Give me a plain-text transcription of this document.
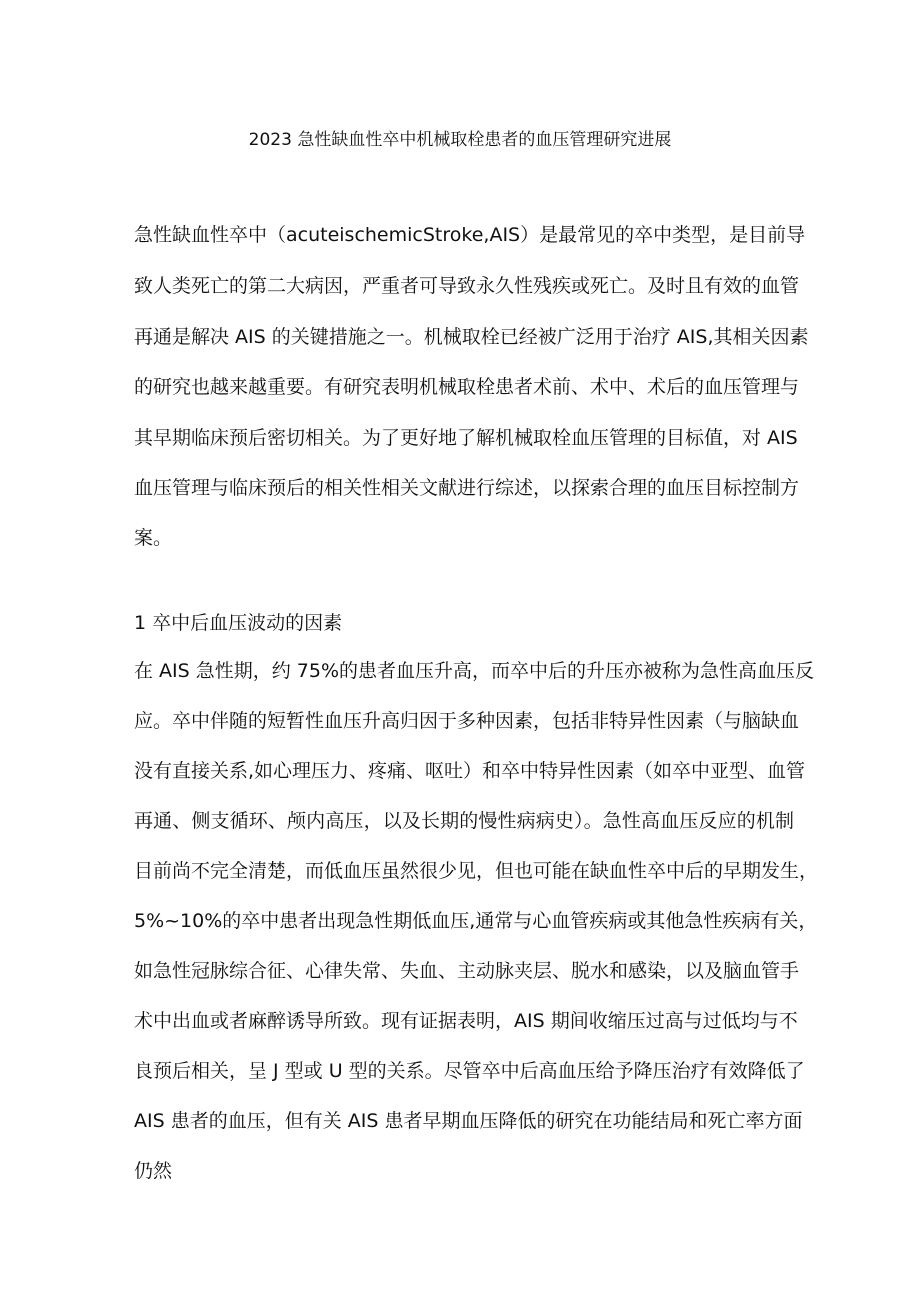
2023 急性缺血性卒中机械取栓患者的血压管理研究进展
急性缺血性卒中（acuteischemicStroke,AIS）是最常见的卒中类型，是目前导
致人类死亡的第二大病因，严重者可导致永久性残疾或死亡。及时且有效的血管
再通是解决 AIS 的关键措施之一。机械取栓已经被广泛用于治疗 AIS,其相关因素
的研究也越来越重要。有研究表明机械取栓患者术前、术中、术后的血压管理与
其早期临床预后密切相关。为了更好地了解机械取栓血压管理的目标值，对 AIS
血压管理与临床预后的相关性相关文献进行综述，以探索合理的血压目标控制方
案。
1 卒中后血压波动的因素
在 AIS 急性期，约 75%的患者血压升高，而卒中后的升压亦被称为急性高血压反
应。卒中伴随的短暂性血压升高归因于多种因素，包括非特异性因素（与脑缺血
没有直接关系,如心理压力、疼痛、呕吐）和卒中特异性因素（如卒中亚型、血管
再通、侧支循环、颅内高压，以及长期的慢性病病史）。急性高血压反应的机制
目前尚不完全清楚，而低血压虽然很少见，但也可能在缺血性卒中后的早期发生，
5%~10%的卒中患者出现急性期低血压,通常与心血管疾病或其他急性疾病有关，
如急性冠脉综合征、心律失常、失血、主动脉夹层、脱水和感染，以及脑血管手
术中出血或者麻醉诱导所致。现有证据表明，AIS 期间收缩压过高与过低均与不
良预后相关，呈 J 型或 U 型的关系。尽管卒中后高血压给予降压治疗有效降低了
AIS 患者的血压，但有关 AIS 患者早期血压降低的研究在功能结局和死亡率方面
仍然
